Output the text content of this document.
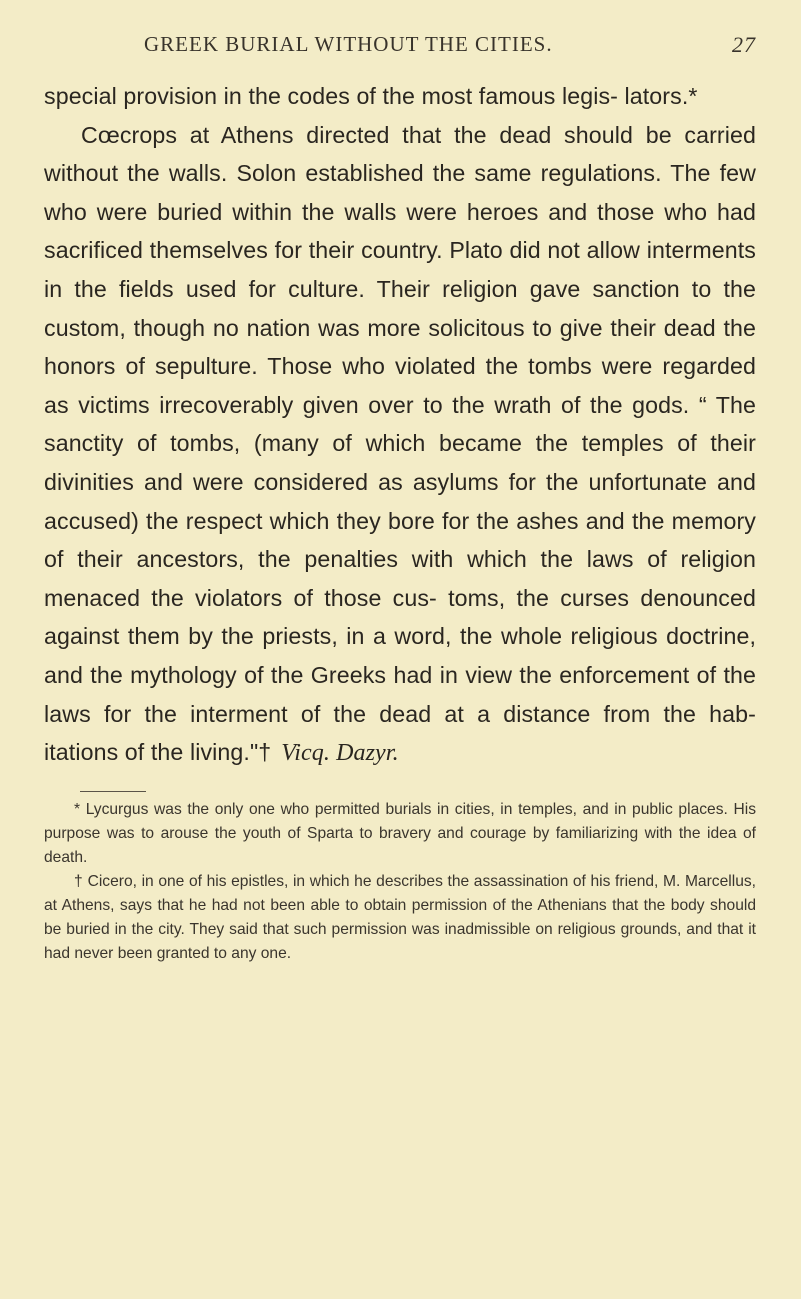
GREEK BURIAL WITHOUT THE CITIES.	27

special provision in the codes of the most famous legis- lators.*

Cœcrops at Athens directed that the dead should be carried without the walls. Solon established the same regulations. The few who were buried within the walls were heroes and those who had sacrificed themselves for their country. Plato did not allow interments in the fields used for culture. Their religion gave sanction to the custom, though no nation was more solicitous to give their dead the honors of sepulture. Those who violated the tombs were regarded as victims irrecoverably given over to the wrath of the gods. “ The sanctity of tombs, (many of which became the temples of their divinities and were considered as asylums for the unfortunate and accused) the respect which they bore for the ashes and the memory of their ancestors, the penalties with which the laws of religion menaced the violators of those cus- toms, the curses denounced against them by the priests, in a word, the whole religious doctrine, and the mythology of the Greeks had in view the enforcement of the laws for the interment of the dead at a distance from the hab- itations of the living."† Vicq. Dazyr.

* Lycurgus was the only one who permitted burials in cities, in temples, and in public places. His purpose was to arouse the youth of Sparta to bravery and courage by familiarizing with the idea of death.

† Cicero, in one of his epistles, in which he describes the assassination of his friend, M. Marcellus, at Athens, says that he had not been able to obtain permission of the Athenians that the body should be buried in the city. They said that such permission was inadmissible on religious grounds, and that it had never been granted to any one.
